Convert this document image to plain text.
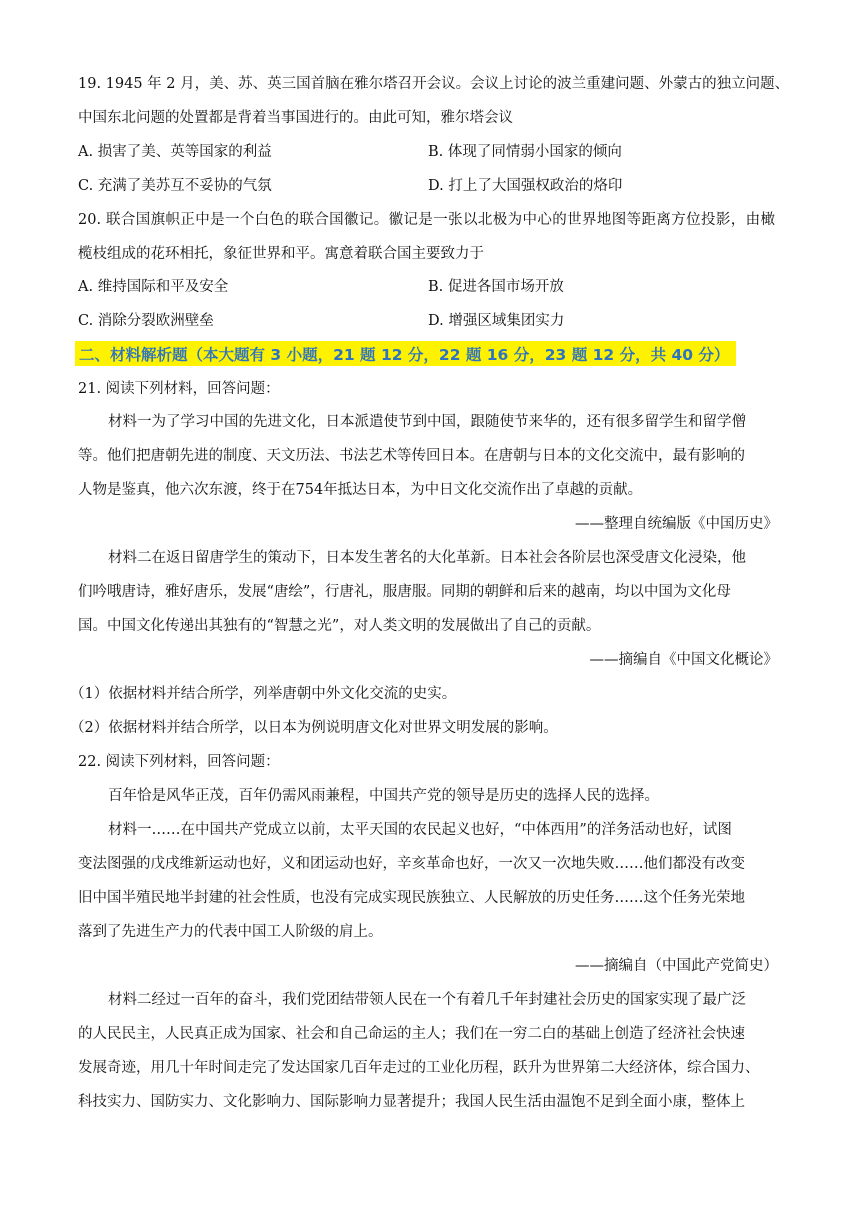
19. 1945 年 2 月，美、苏、英三国首脑在雅尔塔召开会议。会议上讨论的波兰重建问题、外蒙古的独立问题、
中国东北问题的处置都是背着当事国进行的。由此可知，雅尔塔会议
A. 损害了美、英等国家的利益	B. 体现了同情弱小国家的倾向
C. 充满了美苏互不妥协的气氛	D. 打上了大国强权政治的烙印
20. 联合国旗帜正中是一个白色的联合国徽记。徽记是一张以北极为中心的世界地图等距离方位投影，由橄
榄枝组成的花环相托，象征世界和平。寓意着联合国主要致力于
A. 维持国际和平及安全	B. 促进各国市场开放
C. 消除分裂欧洲壁垒	D. 增强区域集团实力
二、材料解析题（本大题有 3 小题，21 题 12 分，22 题 16 分，23 题 12 分，共 40 分）
21. 阅读下列材料，回答问题：
材料一为了学习中国的先进文化，日本派遣使节到中国，跟随使节来华的，还有很多留学生和留学僧
等。他们把唐朝先进的制度、天文历法、书法艺术等传回日本。在唐朝与日本的文化交流中，最有影响的
人物是鉴真，他六次东渡，终于在754年抵达日本，为中日文化交流作出了卓越的贡献。
——整理自统编版《中国历史》
材料二在返日留唐学生的策动下，日本发生著名的大化革新。日本社会各阶层也深受唐文化浸染，他
们吟哦唐诗，雅好唐乐，发展“唐绘”，行唐礼，服唐服。同期的朝鲜和后来的越南，均以中国为文化母
国。中国文化传递出其独有的“智慧之光”，对人类文明的发展做出了自己的贡献。
——摘编自《中国文化概论》
（1）依据材料并结合所学，列举唐朝中外文化交流的史实。
（2）依据材料并结合所学，以日本为例说明唐文化对世界文明发展的影响。
22. 阅读下列材料，回答问题：
百年恰是风华正茂，百年仍需风雨兼程，中国共产党的领导是历史的选择人民的选择。
材料一……在中国共产党成立以前，太平天国的农民起义也好，“中体西用”的洋务活动也好，试图
变法图强的戊戌维新运动也好，义和团运动也好，辛亥革命也好，一次又一次地失败……他们都没有改变
旧中国半殖民地半封建的社会性质，也没有完成实现民族独立、人民解放的历史任务……这个任务光荣地
落到了先进生产力的代表中国工人阶级的肩上。
——摘编自（中国此产党简史）
材料二经过一百年的奋斗，我们党团结带领人民在一个有着几千年封建社会历史的国家实现了最广泛
的人民民主，人民真正成为国家、社会和自己命运的主人；我们在一穷二白的基础上创造了经济社会快速
发展奇迹，用几十年时间走完了发达国家几百年走过的工业化历程，跃升为世界第二大经济体，综合国力、
科技实力、国防实力、文化影响力、国际影响力显著提升；我国人民生活由温饱不足到全面小康，整体上
